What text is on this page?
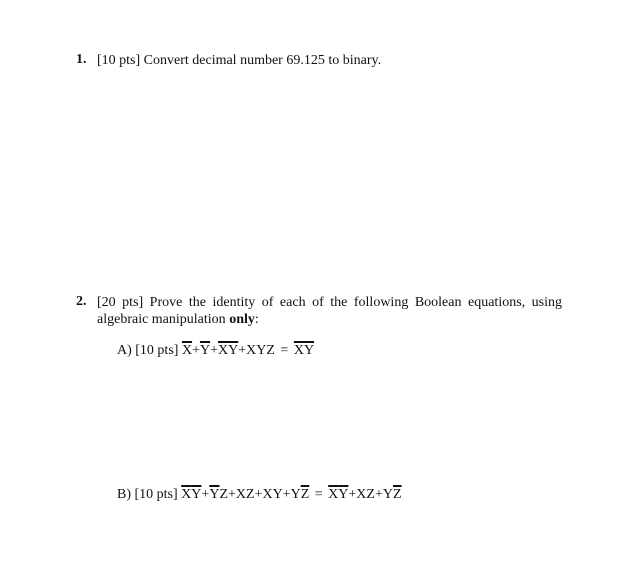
1. [10 pts] Convert decimal number 69.125 to binary.
2. [20 pts] Prove the identity of each of the following Boolean equations, using algebraic manipulation only:
A) [10 pts] $\overline{X}+\overline{Y}+\overline{XY}+XYZ = \overline{XY}$
B) [10 pts] $\overline{X}\overline{Y}+\overline{Y}Z+XZ+XY+Y\overline{Z} = \overline{X}\overline{Y}+XZ+Y\overline{Z}$
